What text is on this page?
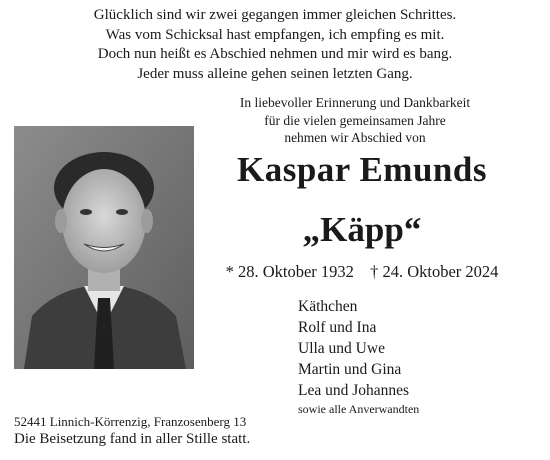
Glücklich sind wir zwei gegangen immer gleichen Schrittes.
Was vom Schicksal hast empfangen, ich empfing es mit.
Doch nun heißt es Abschied nehmen und mir wird es bang.
Jeder muss alleine gehen seinen letzten Gang.
In liebevoller Erinnerung und Dankbarkeit
für die vielen gemeinsamen Jahre
nehmen wir Abschied von
Kaspar Emunds
„Käpp“
* 28. Oktober 1932 † 24. Oktober 2024
Käthchen
Rolf und Ina
Ulla und Uwe
Martin und Gina
Lea und Johannes
sowie alle Anverwandten
52441 Linnich-Körrenzig, Franzosenberg 13
Die Beisetzung fand in aller Stille statt.
